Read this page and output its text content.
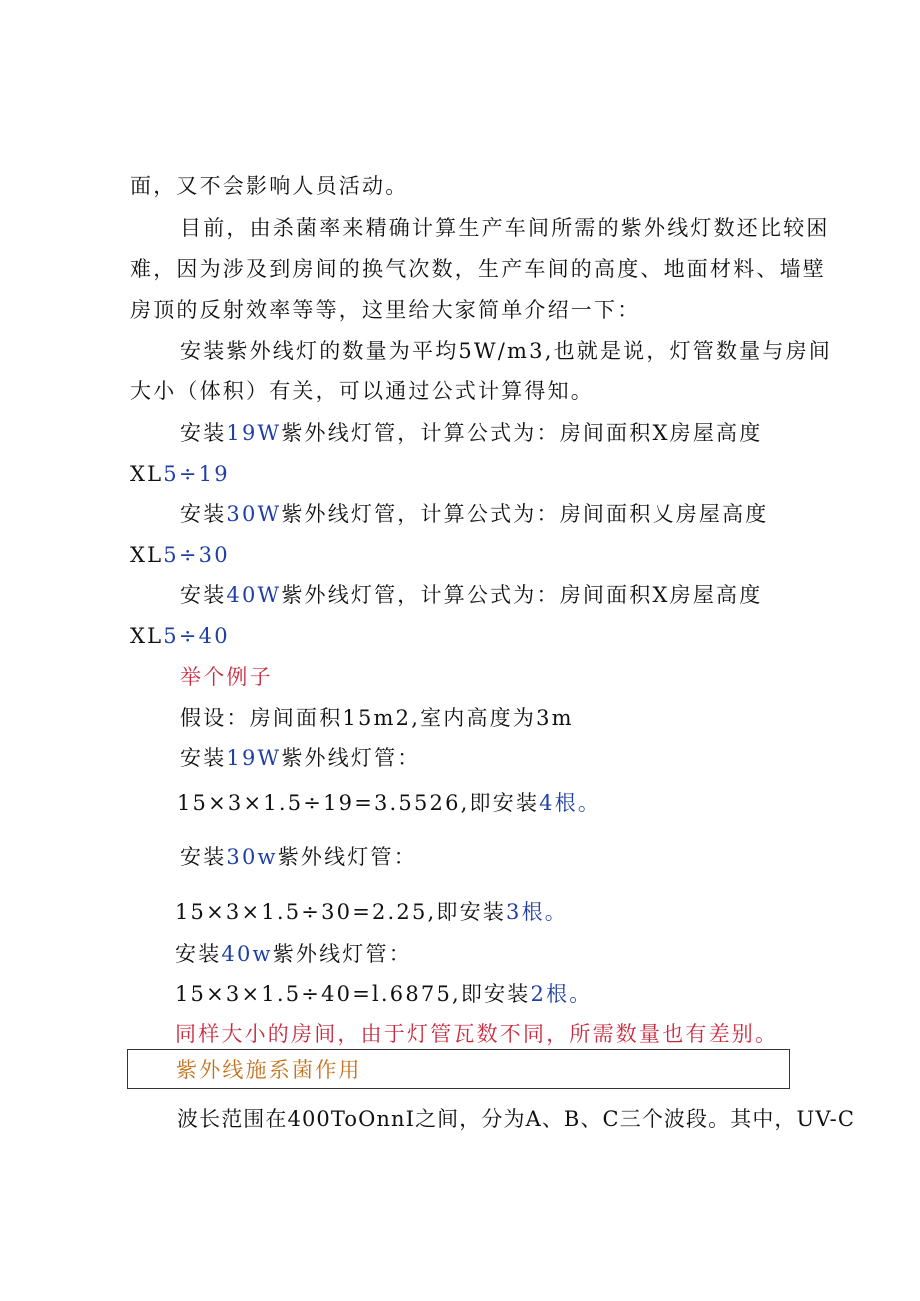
面，又不会影响人员活动。
目前，由杀菌率来精确计算生产车间所需的紫外线灯数还比较困
难，因为涉及到房间的换气次数，生产车间的高度、地面材料、墙壁
房顶的反射效率等等，这里给大家简单介绍一下：
安装紫外线灯的数量为平均5W/m3,也就是说，灯管数量与房间
大小（体积）有关，可以通过公式计算得知。
安装19W紫外线灯管，计算公式为：房间面积X房屋高度
XL5÷19
安装30W紫外线灯管，计算公式为：房间面积乂房屋高度
XL5÷30
安装40W紫外线灯管，计算公式为：房间面积X房屋高度
XL5÷40
举个例子
假设：房间面积15m2,室内高度为3m
安装19W紫外线灯管：
15×3×1.5÷19=3.5526,即安装4根。
安装30w紫外线灯管：
15×3×1.5÷30=2.25,即安装3根。
安装40w紫外线灯管：
15×3×1.5÷40=l.6875,即安装2根。
同样大小的房间，由于灯管瓦数不同，所需数量也有差别。
紫外线施系菌作用
波长范围在400ToOnnI之间，分为A、B、C三个波段。其中，UV-C
